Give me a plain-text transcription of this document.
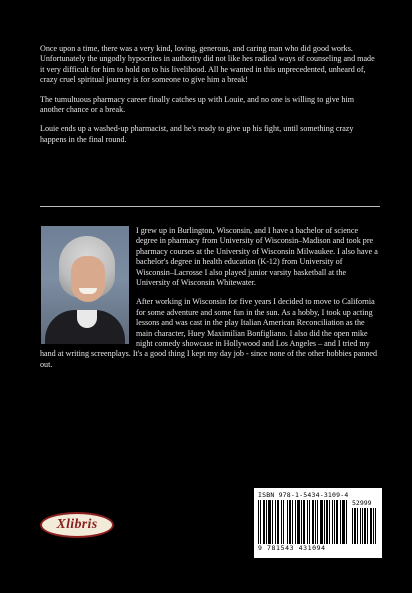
Once upon a time, there was a very kind, loving, generous, and caring man who did good works. Unfortunately the ungodly hypocrites in authority did not like hes radical ways of counseling and made it very difficult for him to hold on to his livelihood. All he wanted in this unprecedented, unheard of, crazy cruel spiritual journey is for someone to give him a break!

The tumultuous pharmacy career finally catches up with Louie, and no one is willing to give him another chance or a break.

Louie ends up a washed-up pharmacist, and he's ready to give up his fight, until something crazy happens in the final round.

I grew up in Burlington, Wisconsin, and I have a bachelor of science degree in pharmacy from University of Wisconsin–Madison and took pre pharmacy courses at the University of Wisconsin Milwaukee. I also have a bachelor's degree in health education (K-12) from University of Wisconsin–Lacrosse I also played junior varsity basketball at the University of Wisconsin Whitewater.

After working in Wisconsin for five years I decided to move to California for some adventure and some fun in the sun. As a hobby, I took up acting lessons and was cast in the play Italian American Reconciliation as the main character, Huey Maximilian Bonfigliano. I also did the open mike night comedy showcase in Hollywood and Los Angeles – and I tried my hand at writing screenplays. It's a good thing I kept my day job - since none of the other hobbies panned out.

Xlibris
ISBN 978-1-5434-3109-4
52999
9 781543 431094
